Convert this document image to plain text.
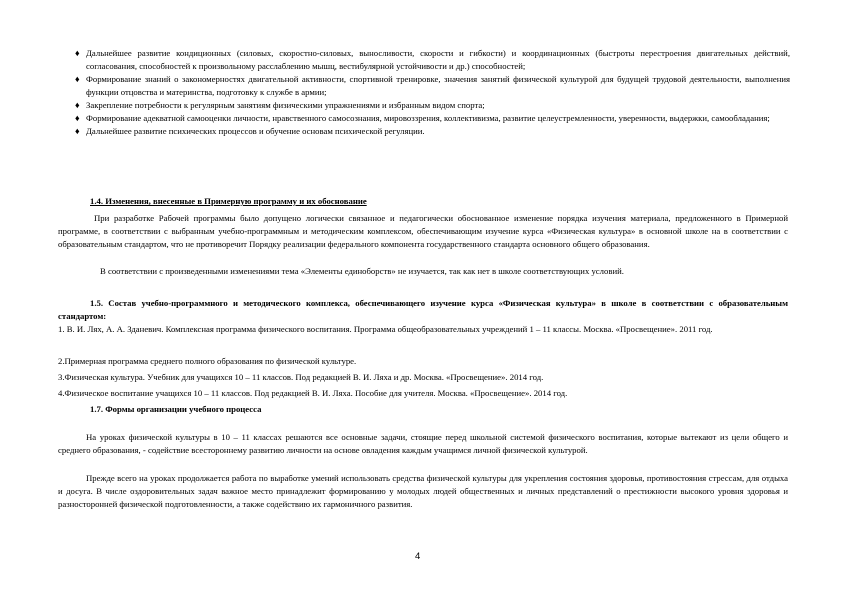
♦ Дальнейшее развитие кондиционных (силовых, скоростно-силовых, выносливости, скорости и гибкости) и координационных (быстроты перестроения двигательных действий, согласования, способностей к произвольному расслаблению мышц, вестибулярной устойчивости и др.) способностей;
♦ Формирование знаний о закономерностях двигательной активности, спортивной тренировке, значения занятий физической культурой для будущей трудовой деятельности, выполнения функции отцовства и материнства, подготовку к службе в армии;
♦ Закрепление потребности к регулярным занятиям физическими упражнениями и избранным видом спорта;
♦ Формирование адекватной самооценки личности, нравственного самосознания, мировоззрения, коллективизма, развитие целеустремленности, уверенности, выдержки, самообладания;
♦ Дальнейшее развитие психических процессов и обучение основам психической регуляции.
1.4. Изменения, внесенные в Примерную программу и их обоснование
При разработке Рабочей программы было допущено логически связанное и педагогически обоснованное изменение порядка изучения материала, предложенного в Примерной программе, в соответствии с выбранным учебно-программным и методическим комплексом, обеспечивающим изучение курса «Физическая культура» в основной школе на в соответствии с образовательным стандартом, что не противоречит Порядку реализации федерального компонента государственного стандарта основного общего образования.
В соответствии с произведенными изменениями тема «Элементы единоборств» не изучается, так как нет в школе соответствующих условий.
1.5. Состав учебно-программного и методического комплекса, обеспечивающего изучение курса «Физическая культура» в школе в соответствии с образовательным стандартом:
1. В. И. Лях, А. А. Зданевич. Комплексная программа физического воспитания. Программа общеобразовательных учреждений 1 – 11 классы. Москва. «Просвещение». 2011 год.
2.Примерная программа среднего полного образования по физической культуре.
3.Физическая культура. Учебник для учащихся 10 – 11 классов. Под редакцией В. И. Ляха и др. Москва. «Просвещение». 2014 год.
4.Физическое воспитание учащихся 10 – 11 классов. Под редакцией В. И. Ляха. Пособие для учителя. Москва. «Просвещение». 2014 год.
1.7. Формы организации учебного процесса
На уроках физической культуры в 10 – 11 классах решаются все основные задачи, стоящие перед школьной системой физического воспитания, которые вытекают из цели общего и среднего образования, - содействие всестороннему развитию личности на основе овладения каждым учащимся личной физической культурой.
Прежде всего на уроках продолжается работа по выработке умений использовать средства физической культуры для укрепления состояния здоровья, противостояния стрессам, для отдыха и досуга. В числе оздоровительных задач важное место принадлежит формированию у молодых людей общественных и личных представлений о престижности высокого уровня здоровья и разносторонней физической подготовленности, а также содействию их гармоничного развития.
4
